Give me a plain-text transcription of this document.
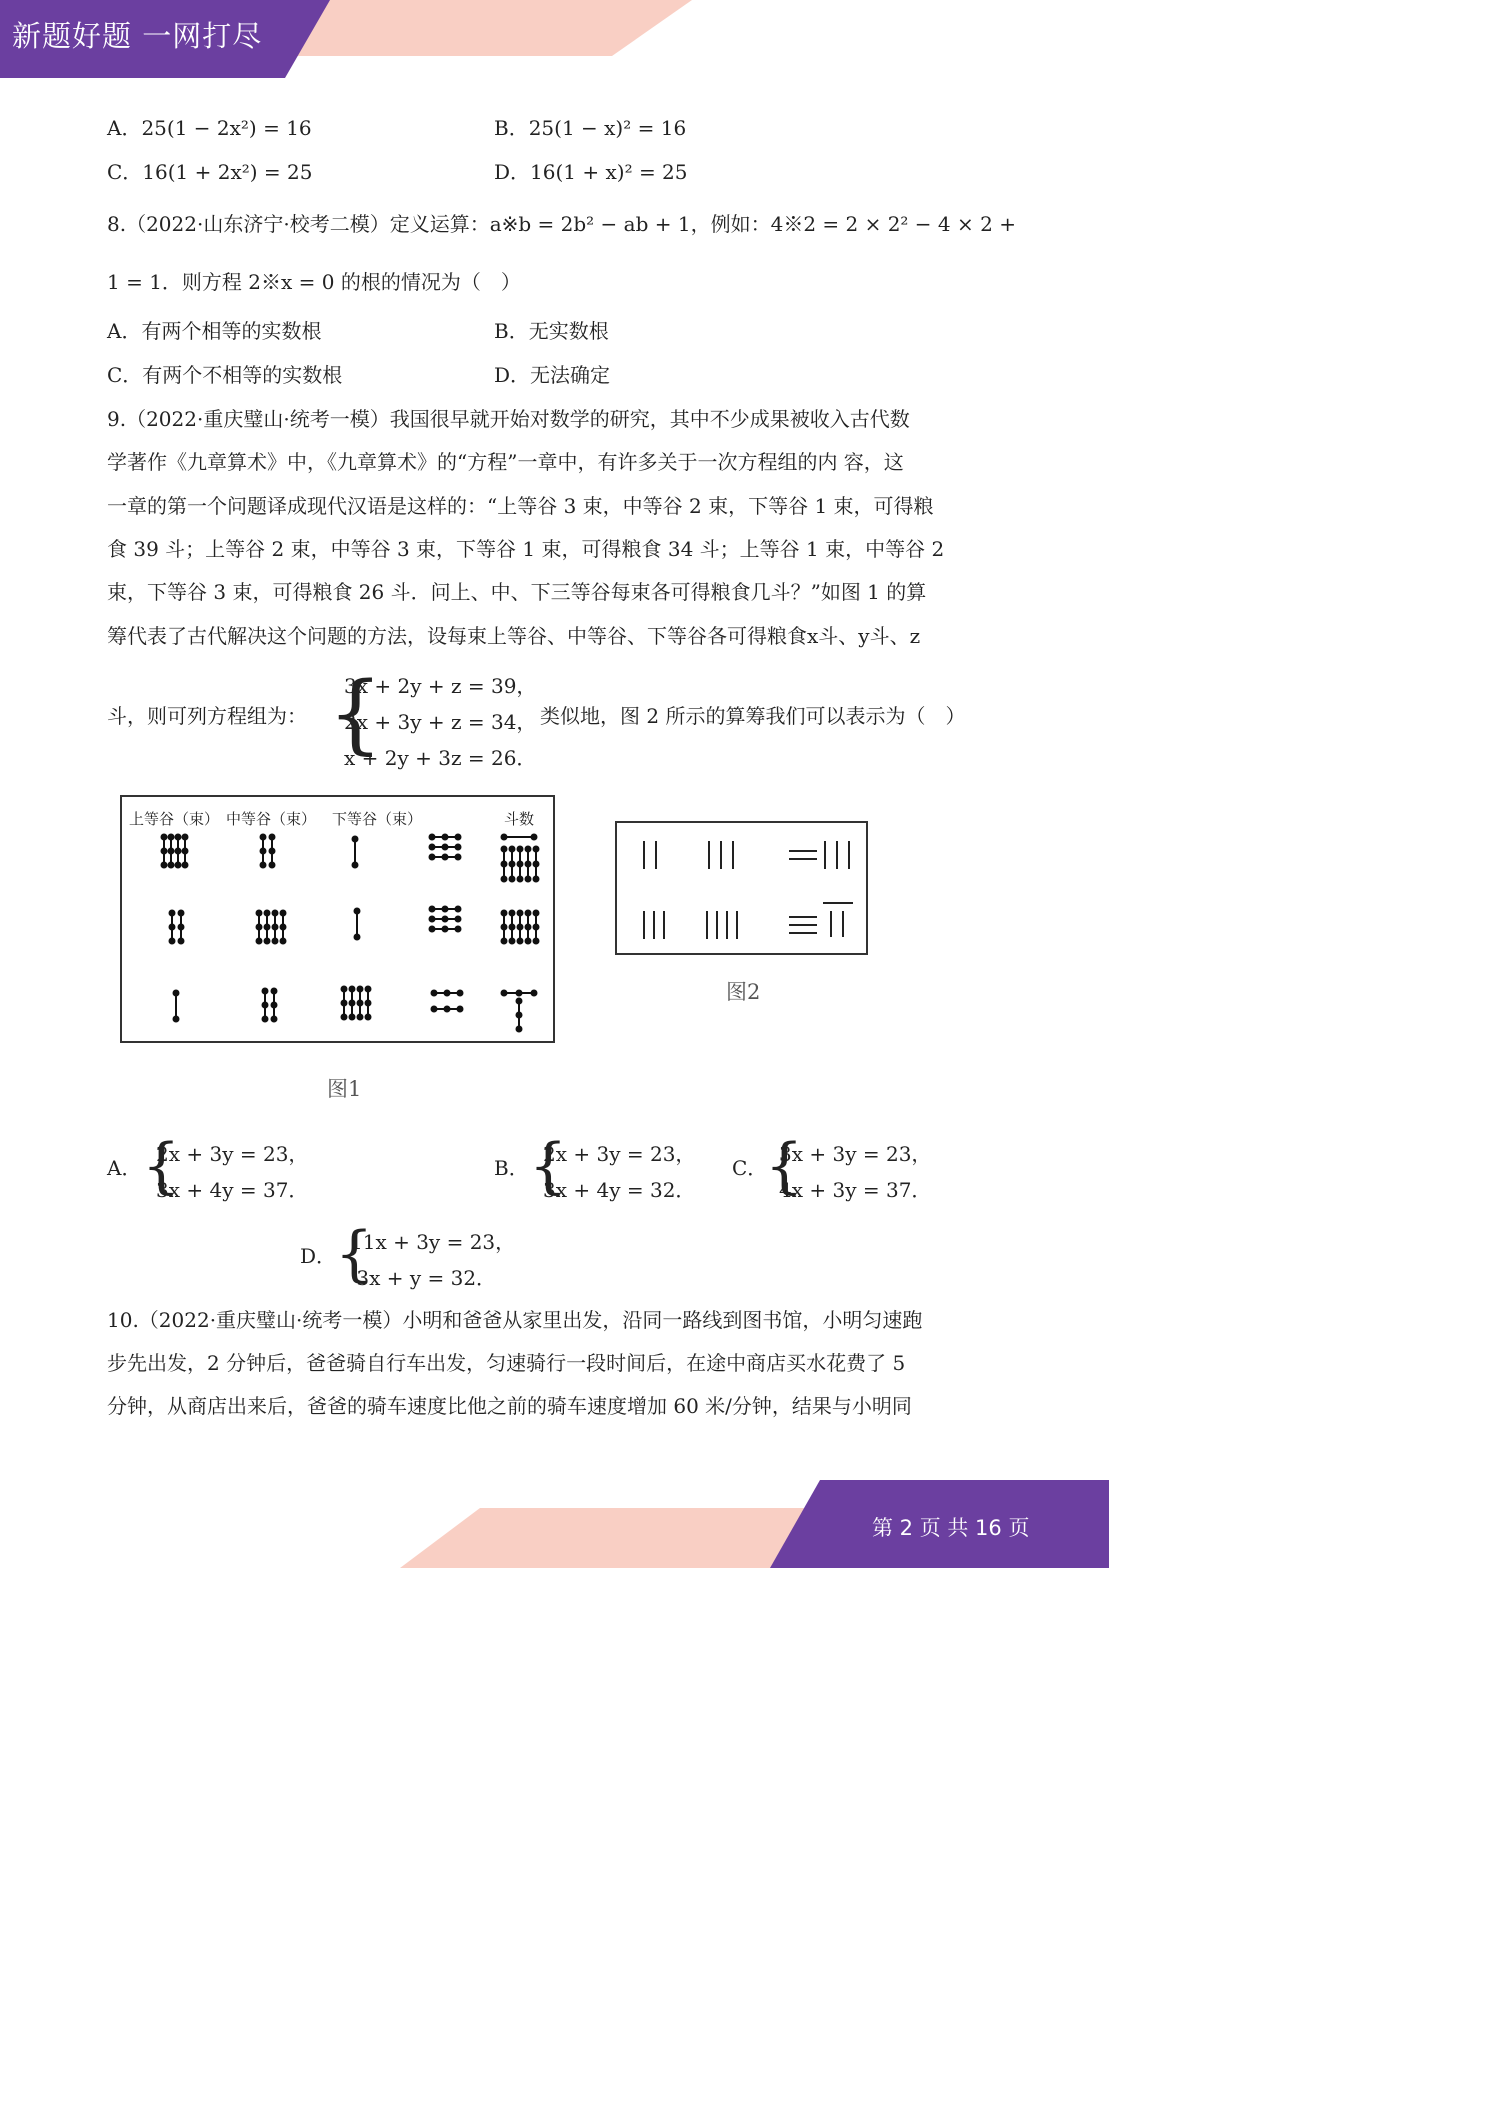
新题好题 一网打尽
第 2 页 共 16 页
A．25(1 − 2x²) = 16	B．25(1 − x)² = 16
C．16(1 + 2x²) = 25	D．16(1 + x)² = 25
8.（2022·山东济宁·校考二模）定义运算：a※b = 2b² − ab + 1，例如：4※2 = 2 × 2² − 4 × 2 +
1 = 1．则方程 2※x = 0 的根的情况为（　）
A．有两个相等的实数根	B．无实数根
C．有两个不相等的实数根	D．无法确定
9.（2022·重庆璧山·统考一模）我国很早就开始对数学的研究，其中不少成果被收入古代数
学著作《九章算术》中，《九章算术》的“方程”一章中，有许多关于一次方程组的内 容，这
一章的第一个问题译成现代汉语是这样的：“上等谷 3 束，中等谷 2 束，下等谷 1 束，可得粮
食 39 斗；上等谷 2 束，中等谷 3 束，下等谷 1 束，可得粮食 34 斗；上等谷 1 束，中等谷 2
束，下等谷 3 束，可得粮食 26 斗．问上、中、下三等谷每束各可得粮食几斗？”如图 1 的算
筹代表了古代解决这个问题的方法，设每束上等谷、中等谷、下等谷各可得粮食x斗、y斗、z
斗，则可列方程组为： {
3x + 2y + z = 39，
2x + 3y + z = 34，
x + 2y + 3z = 26．
类似地，图 2 所示的算筹我们可以表示为（　）
上等谷（束） 中等谷（束） 下等谷（束）	斗数
图1
图2
A． {
2x + 3y = 23，
3x + 4y = 37．
B． {
2x + 3y = 23，
3x + 4y = 32．
C．
{
3x + 3y = 23，
4x + 3y = 37．
D．
{
11x + 3y = 23，
3x + y = 32．
10.（2022·重庆璧山·统考一模）小明和爸爸从家里出发，沿同一路线到图书馆，小明匀速跑
步先出发，2 分钟后，爸爸骑自行车出发，匀速骑行一段时间后，在途中商店买水花费了 5
分钟，从商店出来后，爸爸的骑车速度比他之前的骑车速度增加 60 米/分钟，结果与小明同
